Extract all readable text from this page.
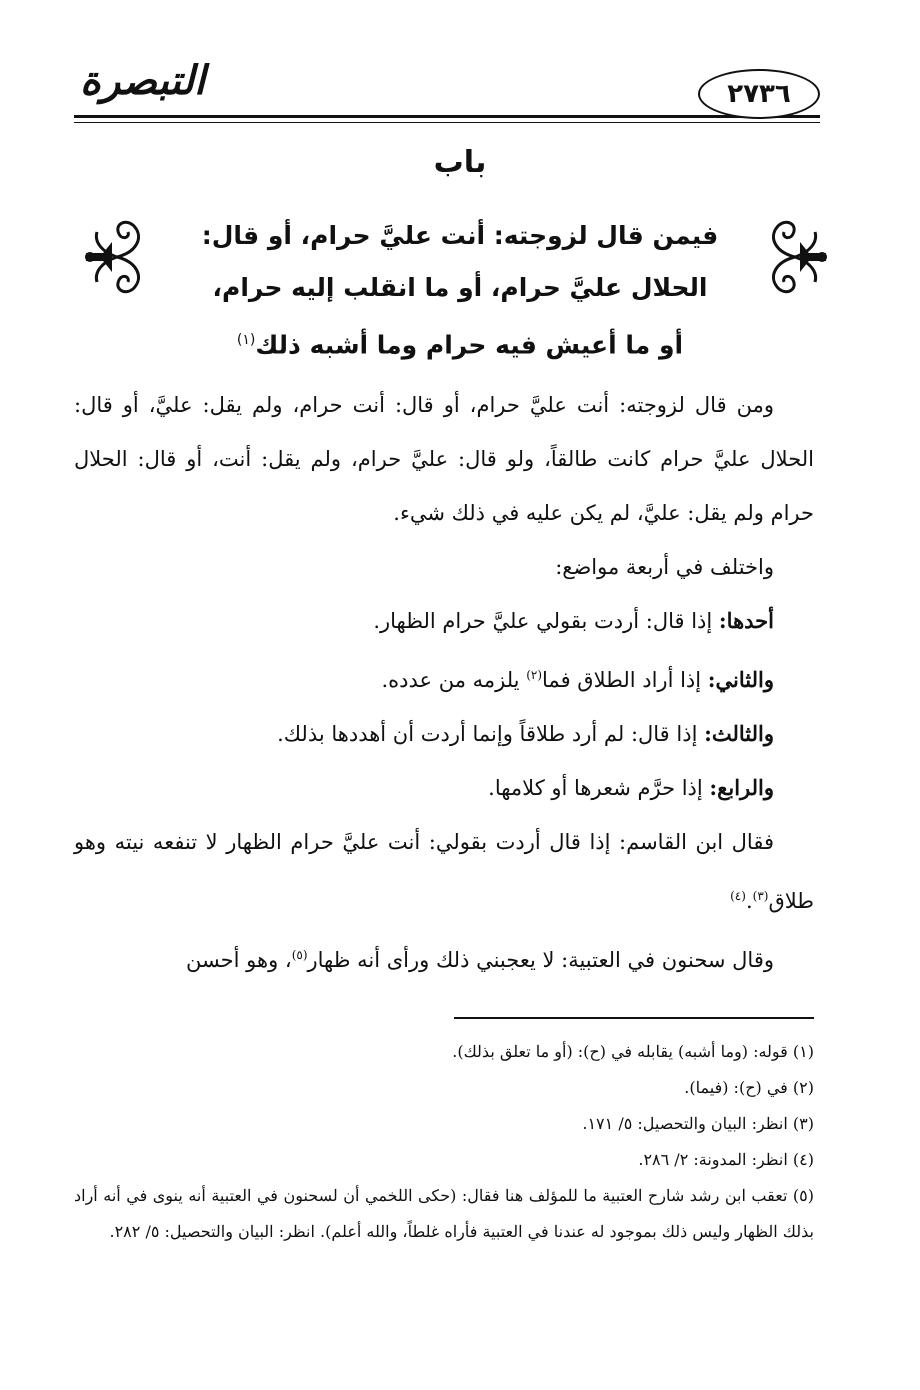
٢٧٣٦
التبصرة
باب
فيمن قال لزوجته: أنت عليَّ حرام، أو قال:
الحلال عليَّ حرام، أو ما انقلب إليه حرام،
أو ما أعيش فيه حرام وما أشبه ذلك$^{(١)}$

ومن قال لزوجته: أنت عليَّ حرام، أو قال: أنت حرام، ولم يقل: عليَّ، أو قال: الحلال عليَّ حرام كانت طالقاً، ولو قال: عليَّ حرام، ولم يقل: أنت، أو قال: الحلال حرام ولم يقل: عليَّ، لم يكن عليه في ذلك شيء.

واختلف في أربعة مواضع:

أحدها: إذا قال: أردت بقولي عليَّ حرام الظهار.

والثاني: إذا أراد الطلاق فما$^{(٢)}$ يلزمه من عدده.

والثالث: إذا قال: لم أرد طلاقاً وإنما أردت أن أهددها بذلك.

والرابع: إذا حرَّم شعرها أو كلامها.

فقال ابن القاسم: إذا قال أردت بقولي: أنت عليَّ حرام الظهار لا تنفعه نيته وهو طلاق$^{(٣)}$.$^{(٤)}$

وقال سحنون في العتبية: لا يعجبني ذلك ورأى أنه ظهار$^{(٥)}$، وهو أحسن

(١) قوله: (وما أشبه) يقابله في (ح): (أو ما تعلق بذلك).

(٢) في (ح): (فيما).

(٣) انظر: البيان والتحصيل: ٥/ ١٧١.

(٤) انظر: المدونة: ٢/ ٢٨٦.

(٥) تعقب ابن رشد شارح العتبية ما للمؤلف هنا فقال: (حكى اللخمي أن لسحنون في العتبية أنه ينوى في أنه أراد بذلك الظهار وليس ذلك بموجود له عندنا في العتبية فأراه غلطاً، والله أعلم). انظر: البيان والتحصيل: ٥/ ٢٨٢.
